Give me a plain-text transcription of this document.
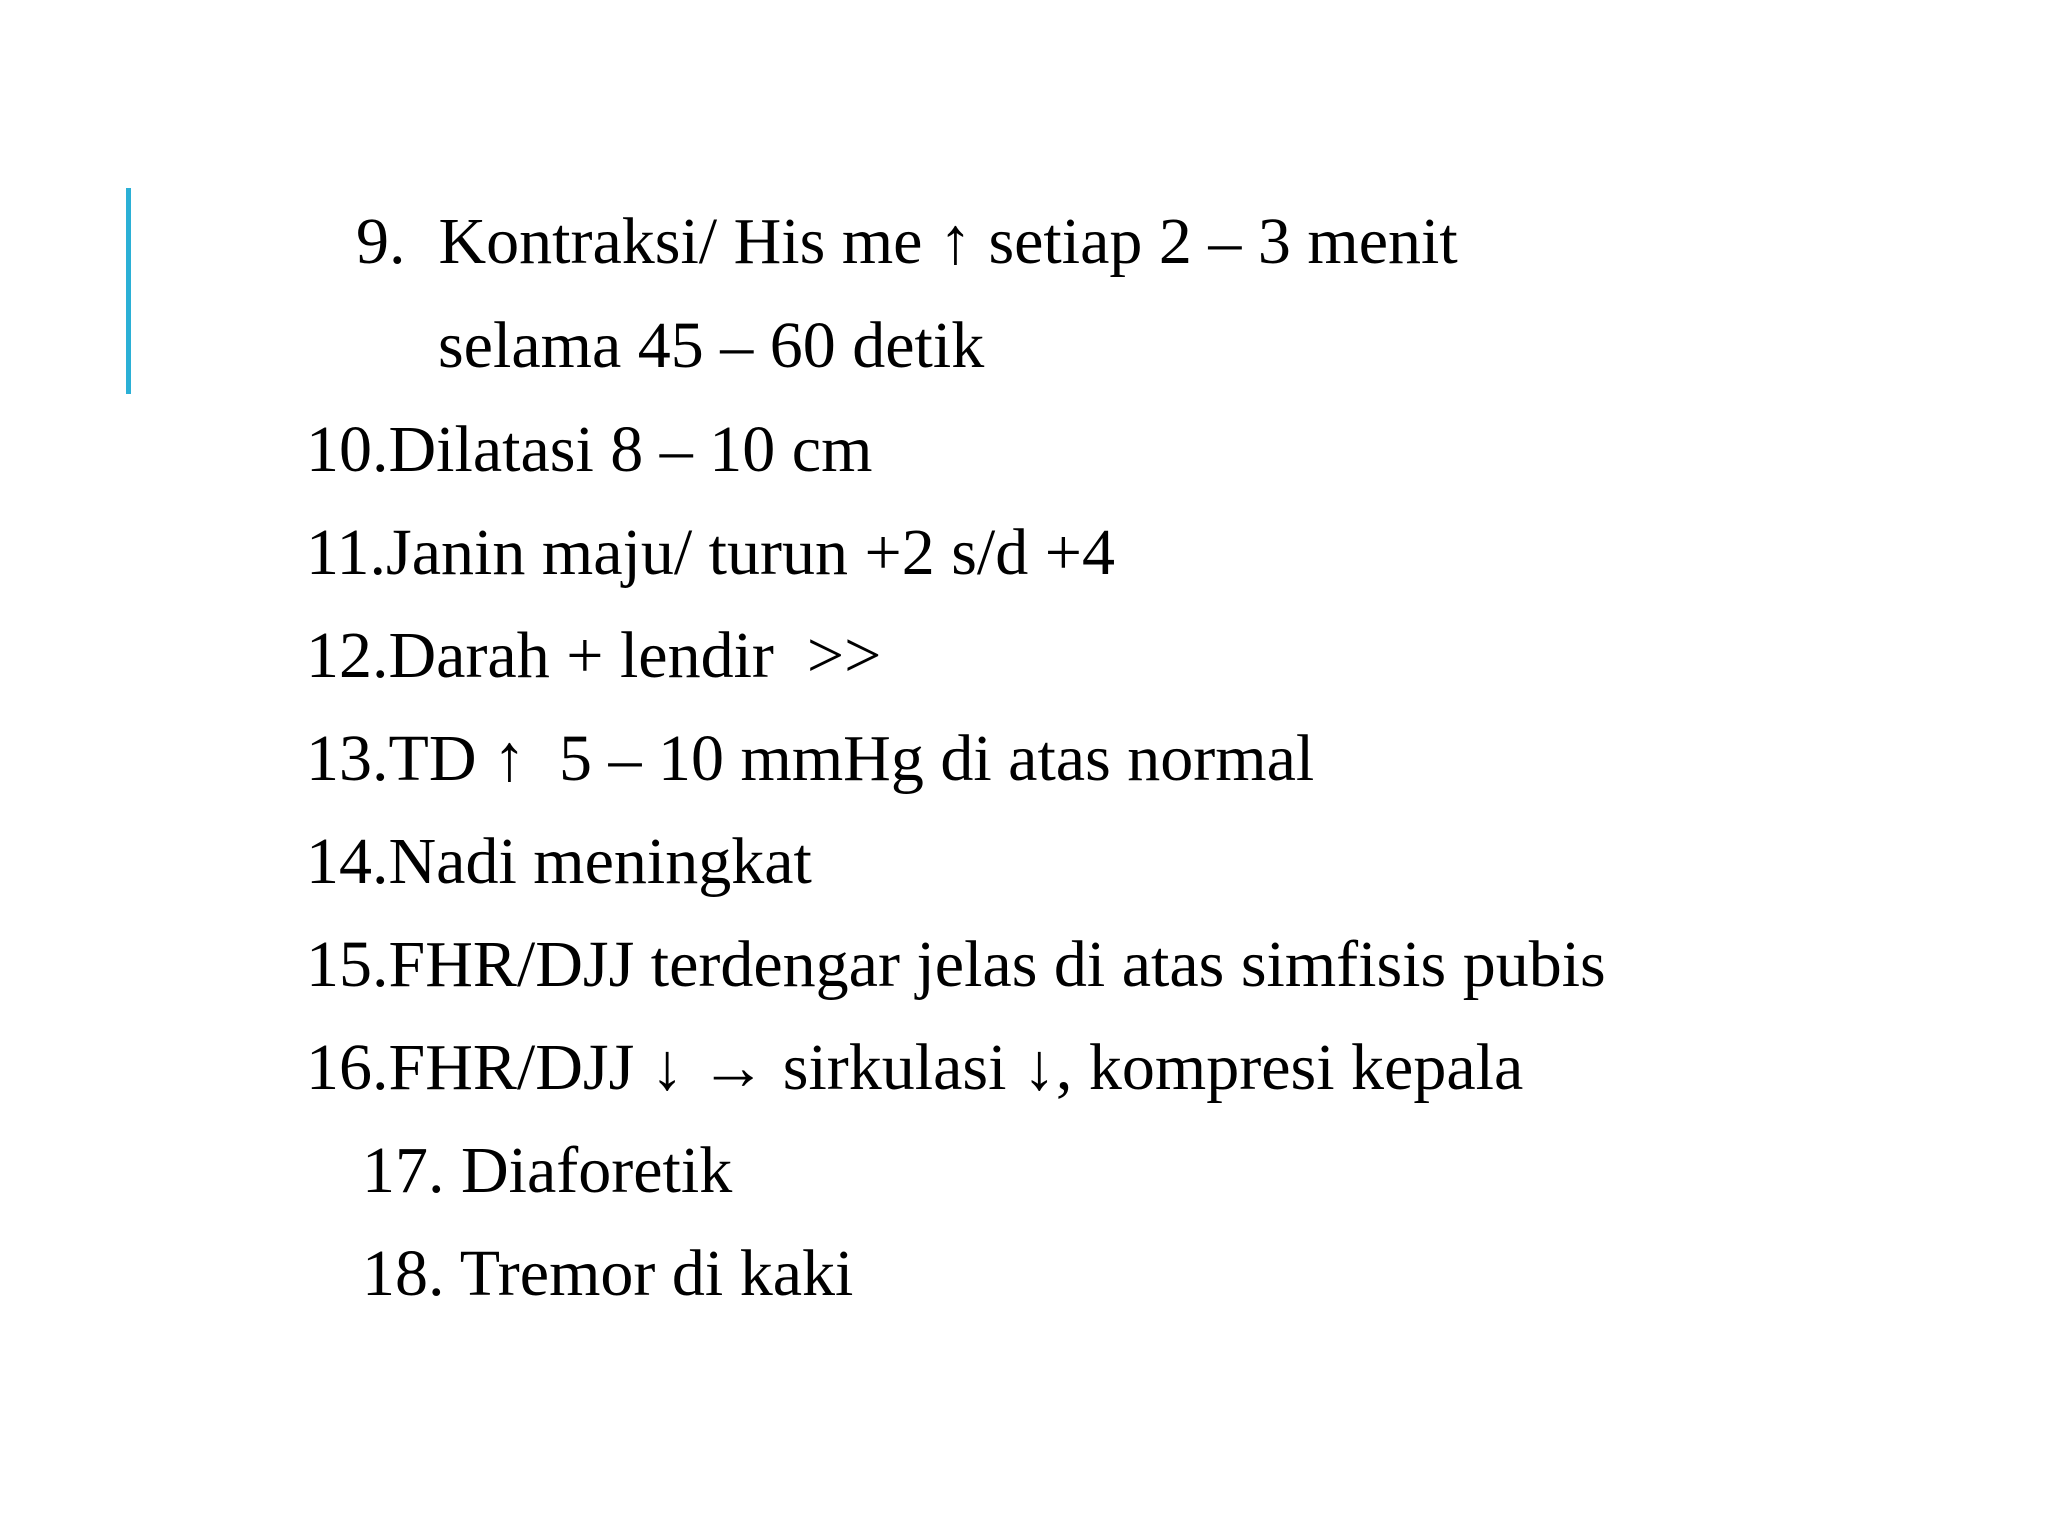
9.  Kontraksi/ His me ↑ setiap 2 – 3 menit
selama 45 – 60 detik
10.Dilatasi 8 – 10 cm
11.Janin maju/ turun +2 s/d +4
12.Darah + lendir  >>
13.TD ↑  5 – 10 mmHg di atas normal
14.Nadi meningkat
15.FHR/DJJ terdengar jelas di atas simfisis pubis
16.FHR/DJJ ↓ → sirkulasi ↓, kompresi kepala
17. Diaforetik
18. Tremor di kaki
